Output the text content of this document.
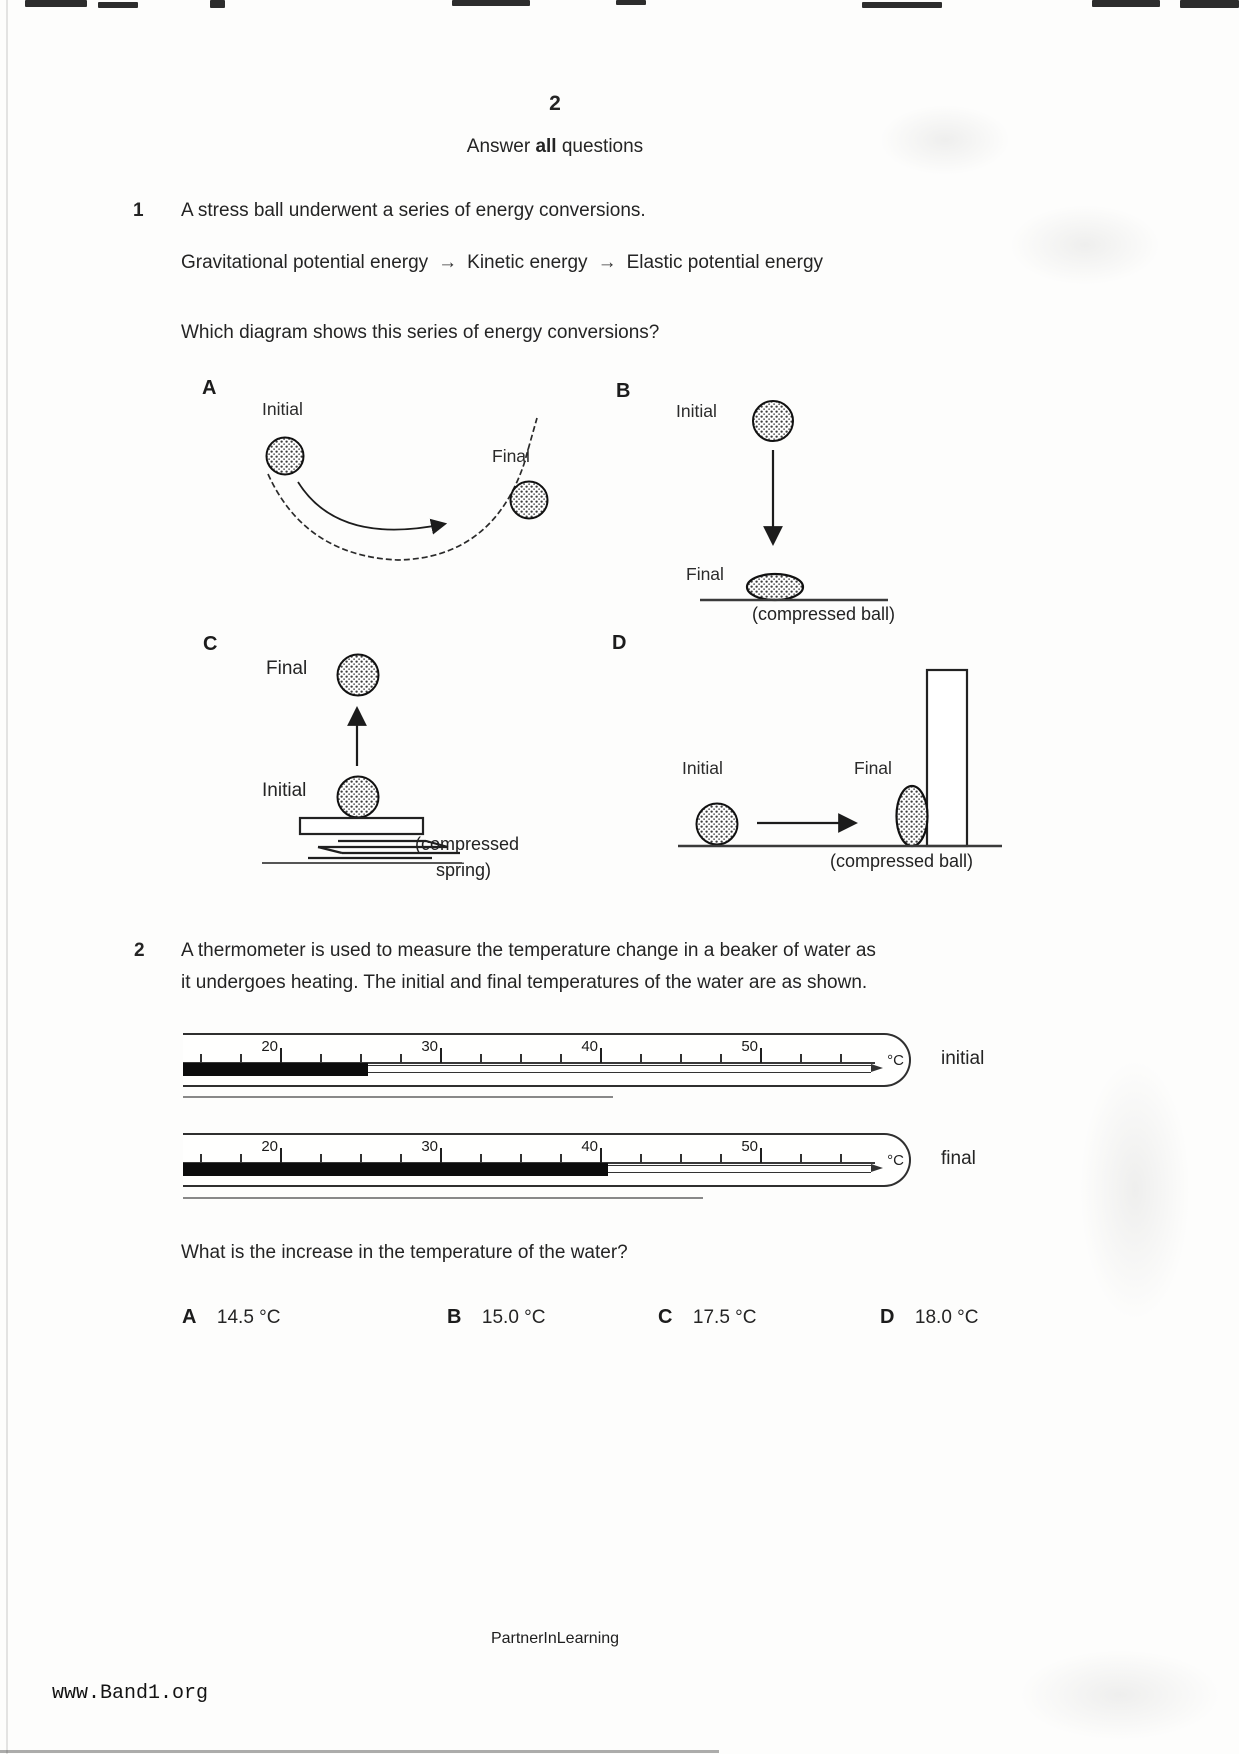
2
Answer all questions
1 A stress ball underwent a series of energy conversions.
Gravitational potential energy → Kinetic energy → Elastic potential energy
Which diagram shows this series of energy conversions?
A
Initial
Final
B
Initial
Final
(compressed ball)
C
Final
Initial
(compressed
spring)
D
Initial	Final
(compressed ball)
2 A thermometer is used to measure the temperature change in a beaker of water as
it undergoes heating. The initial and final temperatures of the water are as shown.
20	30	40	50
°C initial
20	30	40	50
°C final
What is the increase in the temperature of the water?
A 14.5 °C	B 15.0 °C	C 17.5 °C	D 18.0 °C
PartnerInLearning
www.Band1.org
